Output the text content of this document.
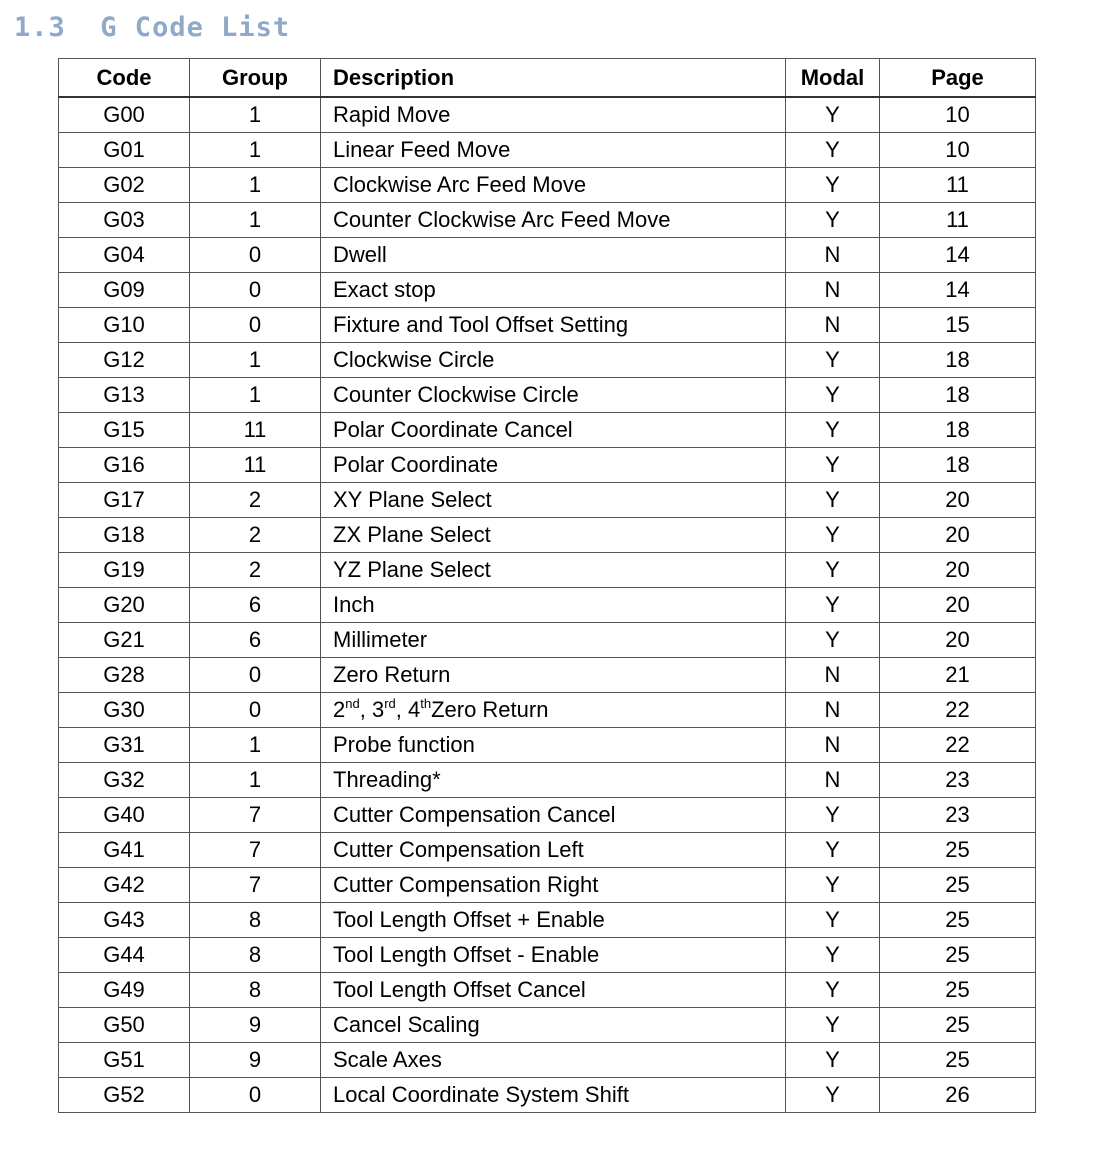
1.3 G Code List
Code	Group	Description	Modal	Page
G00	1	Rapid Move	Y	10
G01	1	Linear Feed Move	Y	10
G02	1	Clockwise Arc Feed Move	Y	11
G03	1	Counter Clockwise Arc Feed Move	Y	11
G04	0	Dwell	N	14
G09	0	Exact stop	N	14
G10	0	Fixture and Tool Offset Setting	N	15
G12	1	Clockwise Circle	Y	18
G13	1	Counter Clockwise Circle	Y	18
G15	11	Polar Coordinate Cancel	Y	18
G16	11	Polar Coordinate	Y	18
G17	2	XY Plane Select	Y	20
G18	2	ZX Plane Select	Y	20
G19	2	YZ Plane Select	Y	20
G20	6	Inch	Y	20
G21	6	Millimeter	Y	20
G28	0	Zero Return	N	21
G30	0	2nd, 3rd, 4thZero Return	N	22
G31	1	Probe function	N	22
G32	1	Threading*	N	23
G40	7	Cutter Compensation Cancel	Y	23
G41	7	Cutter Compensation Left	Y	25
G42	7	Cutter Compensation Right	Y	25
G43	8	Tool Length Offset + Enable	Y	25
G44	8	Tool Length Offset - Enable	Y	25
G49	8	Tool Length Offset Cancel	Y	25
G50	9	Cancel Scaling	Y	25
G51	9	Scale Axes	Y	25
G52	0	Local Coordinate System Shift	Y	26
